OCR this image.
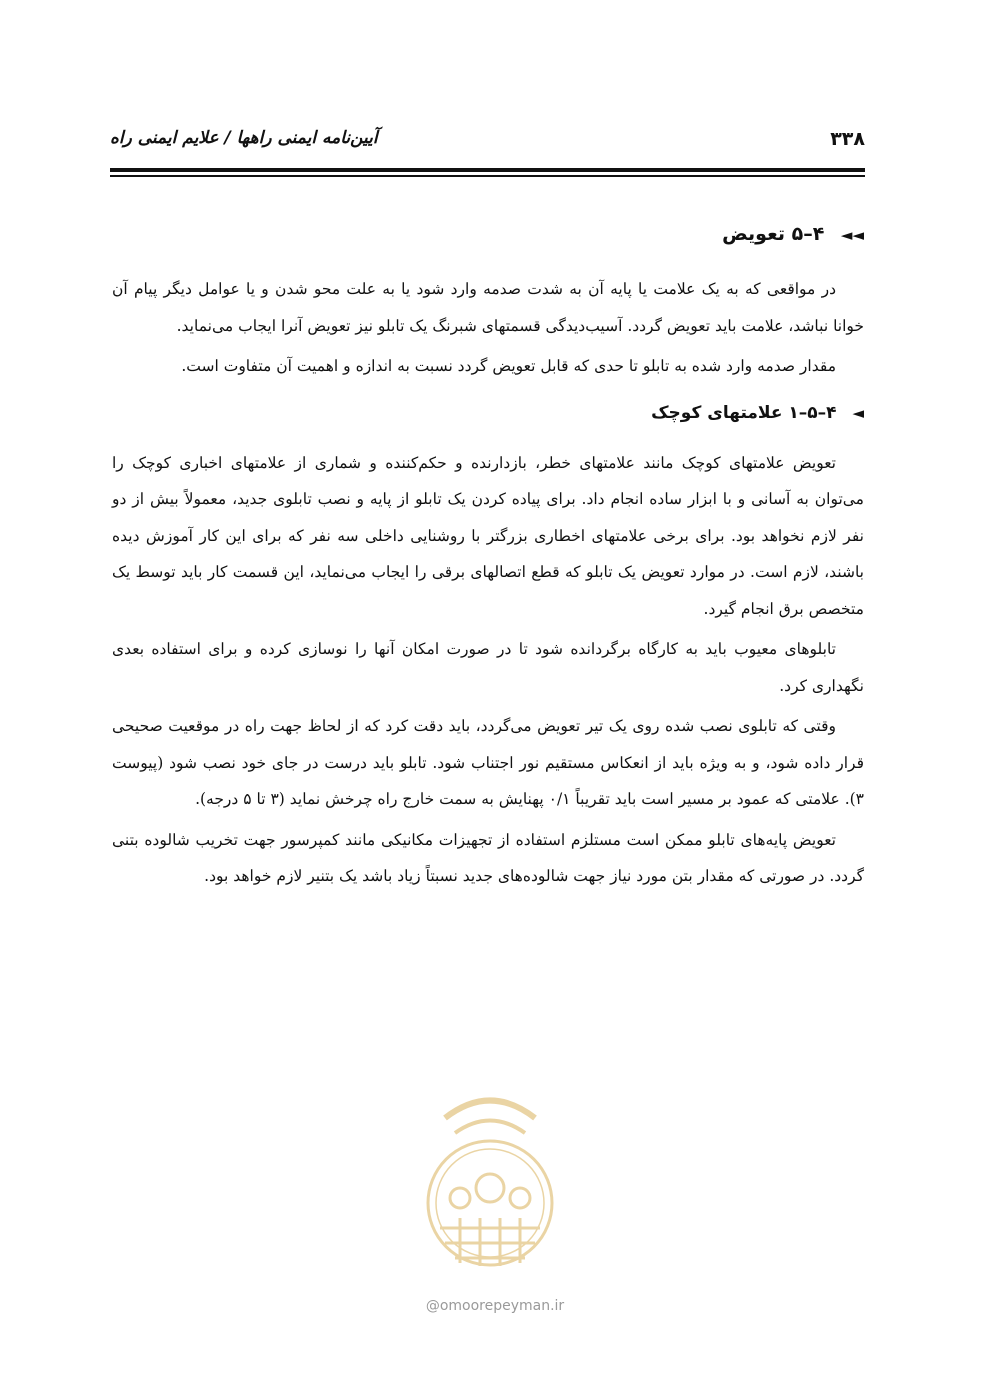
۳۳۸
آیین‌نامه ایمنی راهها / علایم ایمنی راه
◄◄ ۴–۵ تعویض

در مواقعی که به یک علامت یا پایه آن به شدت صدمه وارد شود یا به علت محو شدن و یا عوامل دیگر پیام آن خوانا نباشد، علامت باید تعویض گردد. آسیب‌دیدگی قسمتهای شبرنگ یک تابلو نیز تعویض آنرا ایجاب می‌نماید.

مقدار صدمه وارد شده به تابلو تا حدی که قابل تعویض گردد نسبت به اندازه و اهمیت آن متفاوت است.

◄ ۴–۵–۱ علامتهای کوچک

تعویض علامتهای کوچک مانند علامتهای خطر، بازدارنده و حکم‌کننده و شماری از علامتهای اخباری کوچک را می‌توان به آسانی و با ابزار ساده انجام داد. برای پیاده کردن یک تابلو از پایه و نصب تابلوی جدید، معمولاً بیش از دو نفر لازم نخواهد بود. برای برخی علامتهای اخطاری بزرگتر با روشنایی داخلی سه نفر که برای این کار آموزش دیده باشند، لازم است. در موارد تعویض یک تابلو که قطع اتصالهای برقی را ایجاب می‌نماید، این قسمت کار باید توسط یک متخصص برق انجام گیرد.

تابلوهای معیوب باید به کارگاه برگردانده شود تا در صورت امکان آنها را نوسازی کرده و برای استفاده بعدی نگهداری کرد.

وقتی که تابلوی نصب شده روی یک تیر تعویض می‌گردد، باید دقت کرد که از لحاظ جهت راه در موقعیت صحیحی قرار داده شود، و به ویژه باید از انعکاس مستقیم نور اجتناب شود. تابلو باید درست در جای خود نصب شود (پیوست ۳). علامتی که عمود بر مسیر است باید تقریباً ۰/۱ پهنایش به سمت خارج راه چرخش نماید (۳ تا ۵ درجه).

تعویض پایه‌های تابلو ممکن است مستلزم استفاده از تجهیزات مکانیکی مانند کمپرسور جهت تخریب شالوده بتنی گردد. در صورتی که مقدار بتن مورد نیاز جهت شالوده‌های جدید نسبتاً زیاد باشد یک بتنیر لازم خواهد بود.

@omoorepeyman.ir
